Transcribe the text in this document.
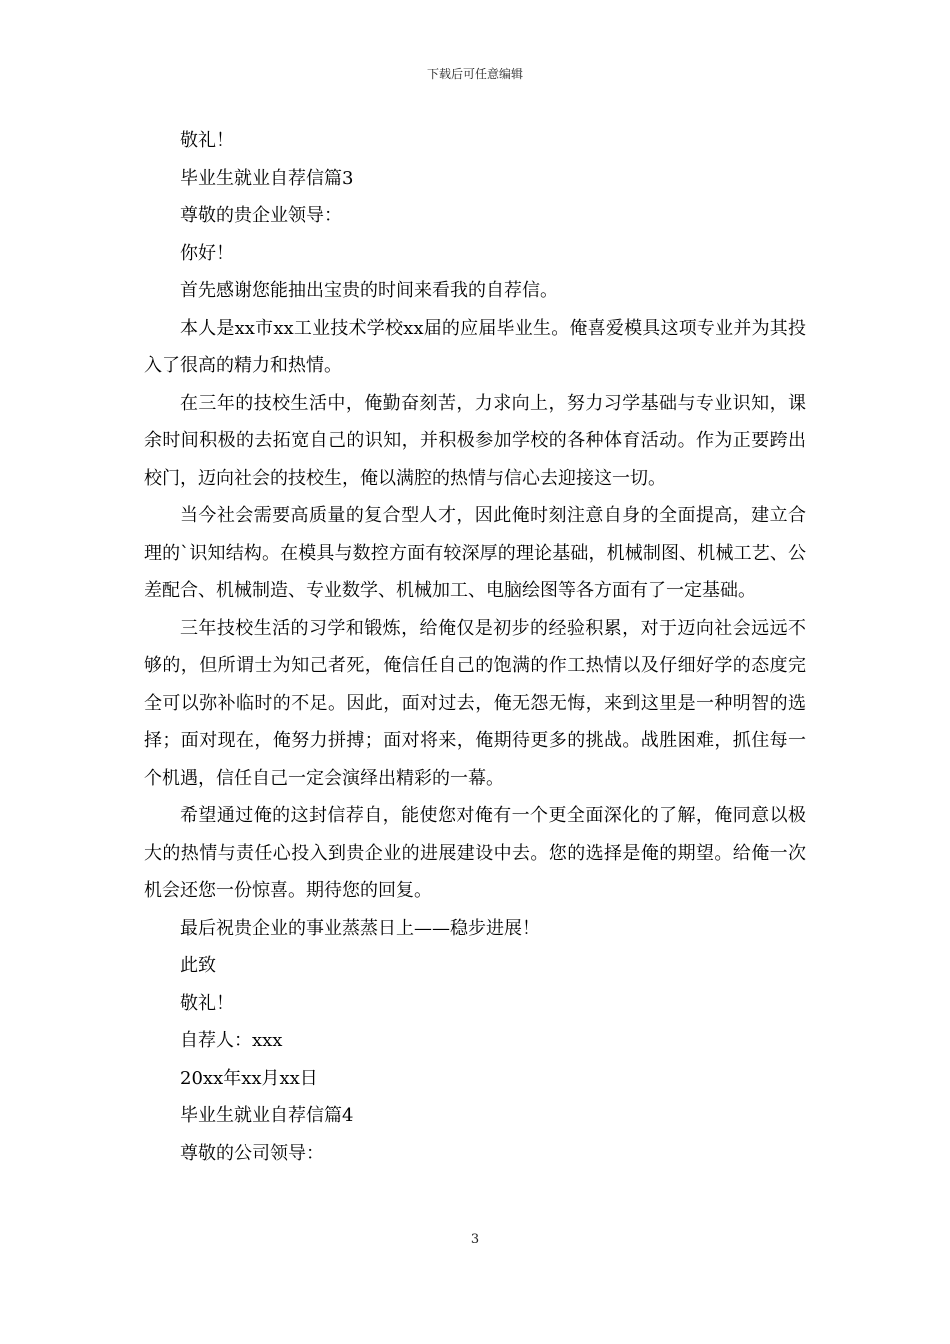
下载后可任意编辑

敬礼！

毕业生就业自荐信篇3

尊敬的贵企业领导：

你好！

首先感谢您能抽出宝贵的时间来看我的自荐信。

本人是xx市xx工业技术学校xx届的应届毕业生。俺喜爱模具这项专业并为其投入了很高的精力和热情。

在三年的技校生活中，俺勤奋刻苦，力求向上，努力习学基础与专业识知，课余时间积极的去拓宽自己的识知，并积极参加学校的各种体育活动。作为正要跨出校门，迈向社会的技校生，俺以满腔的热情与信心去迎接这一切。

当今社会需要高质量的复合型人才，因此俺时刻注意自身的全面提高，建立合理的`识知结构。在模具与数控方面有较深厚的理论基础，机械制图、机械工艺、公差配合、机械制造、专业数学、机械加工、电脑绘图等各方面有了一定基础。

三年技校生活的习学和锻炼，给俺仅是初步的经验积累，对于迈向社会远远不够的，但所谓士为知己者死，俺信任自己的饱满的作工热情以及仔细好学的态度完全可以弥补临时的不足。因此，面对过去，俺无怨无悔，来到这里是一种明智的选择；面对现在，俺努力拼搏；面对将来，俺期待更多的挑战。战胜困难，抓住每一个机遇，信任自己一定会演绎出精彩的一幕。

希望通过俺的这封信荐自，能使您对俺有一个更全面深化的了解，俺同意以极大的热情与责任心投入到贵企业的进展建设中去。您的选择是俺的期望。给俺一次机会还您一份惊喜。期待您的回复。

最后祝贵企业的事业蒸蒸日上——稳步进展！

此致

敬礼！

自荐人：xxx

20xx年xx月xx日

毕业生就业自荐信篇4

尊敬的公司领导：

3
